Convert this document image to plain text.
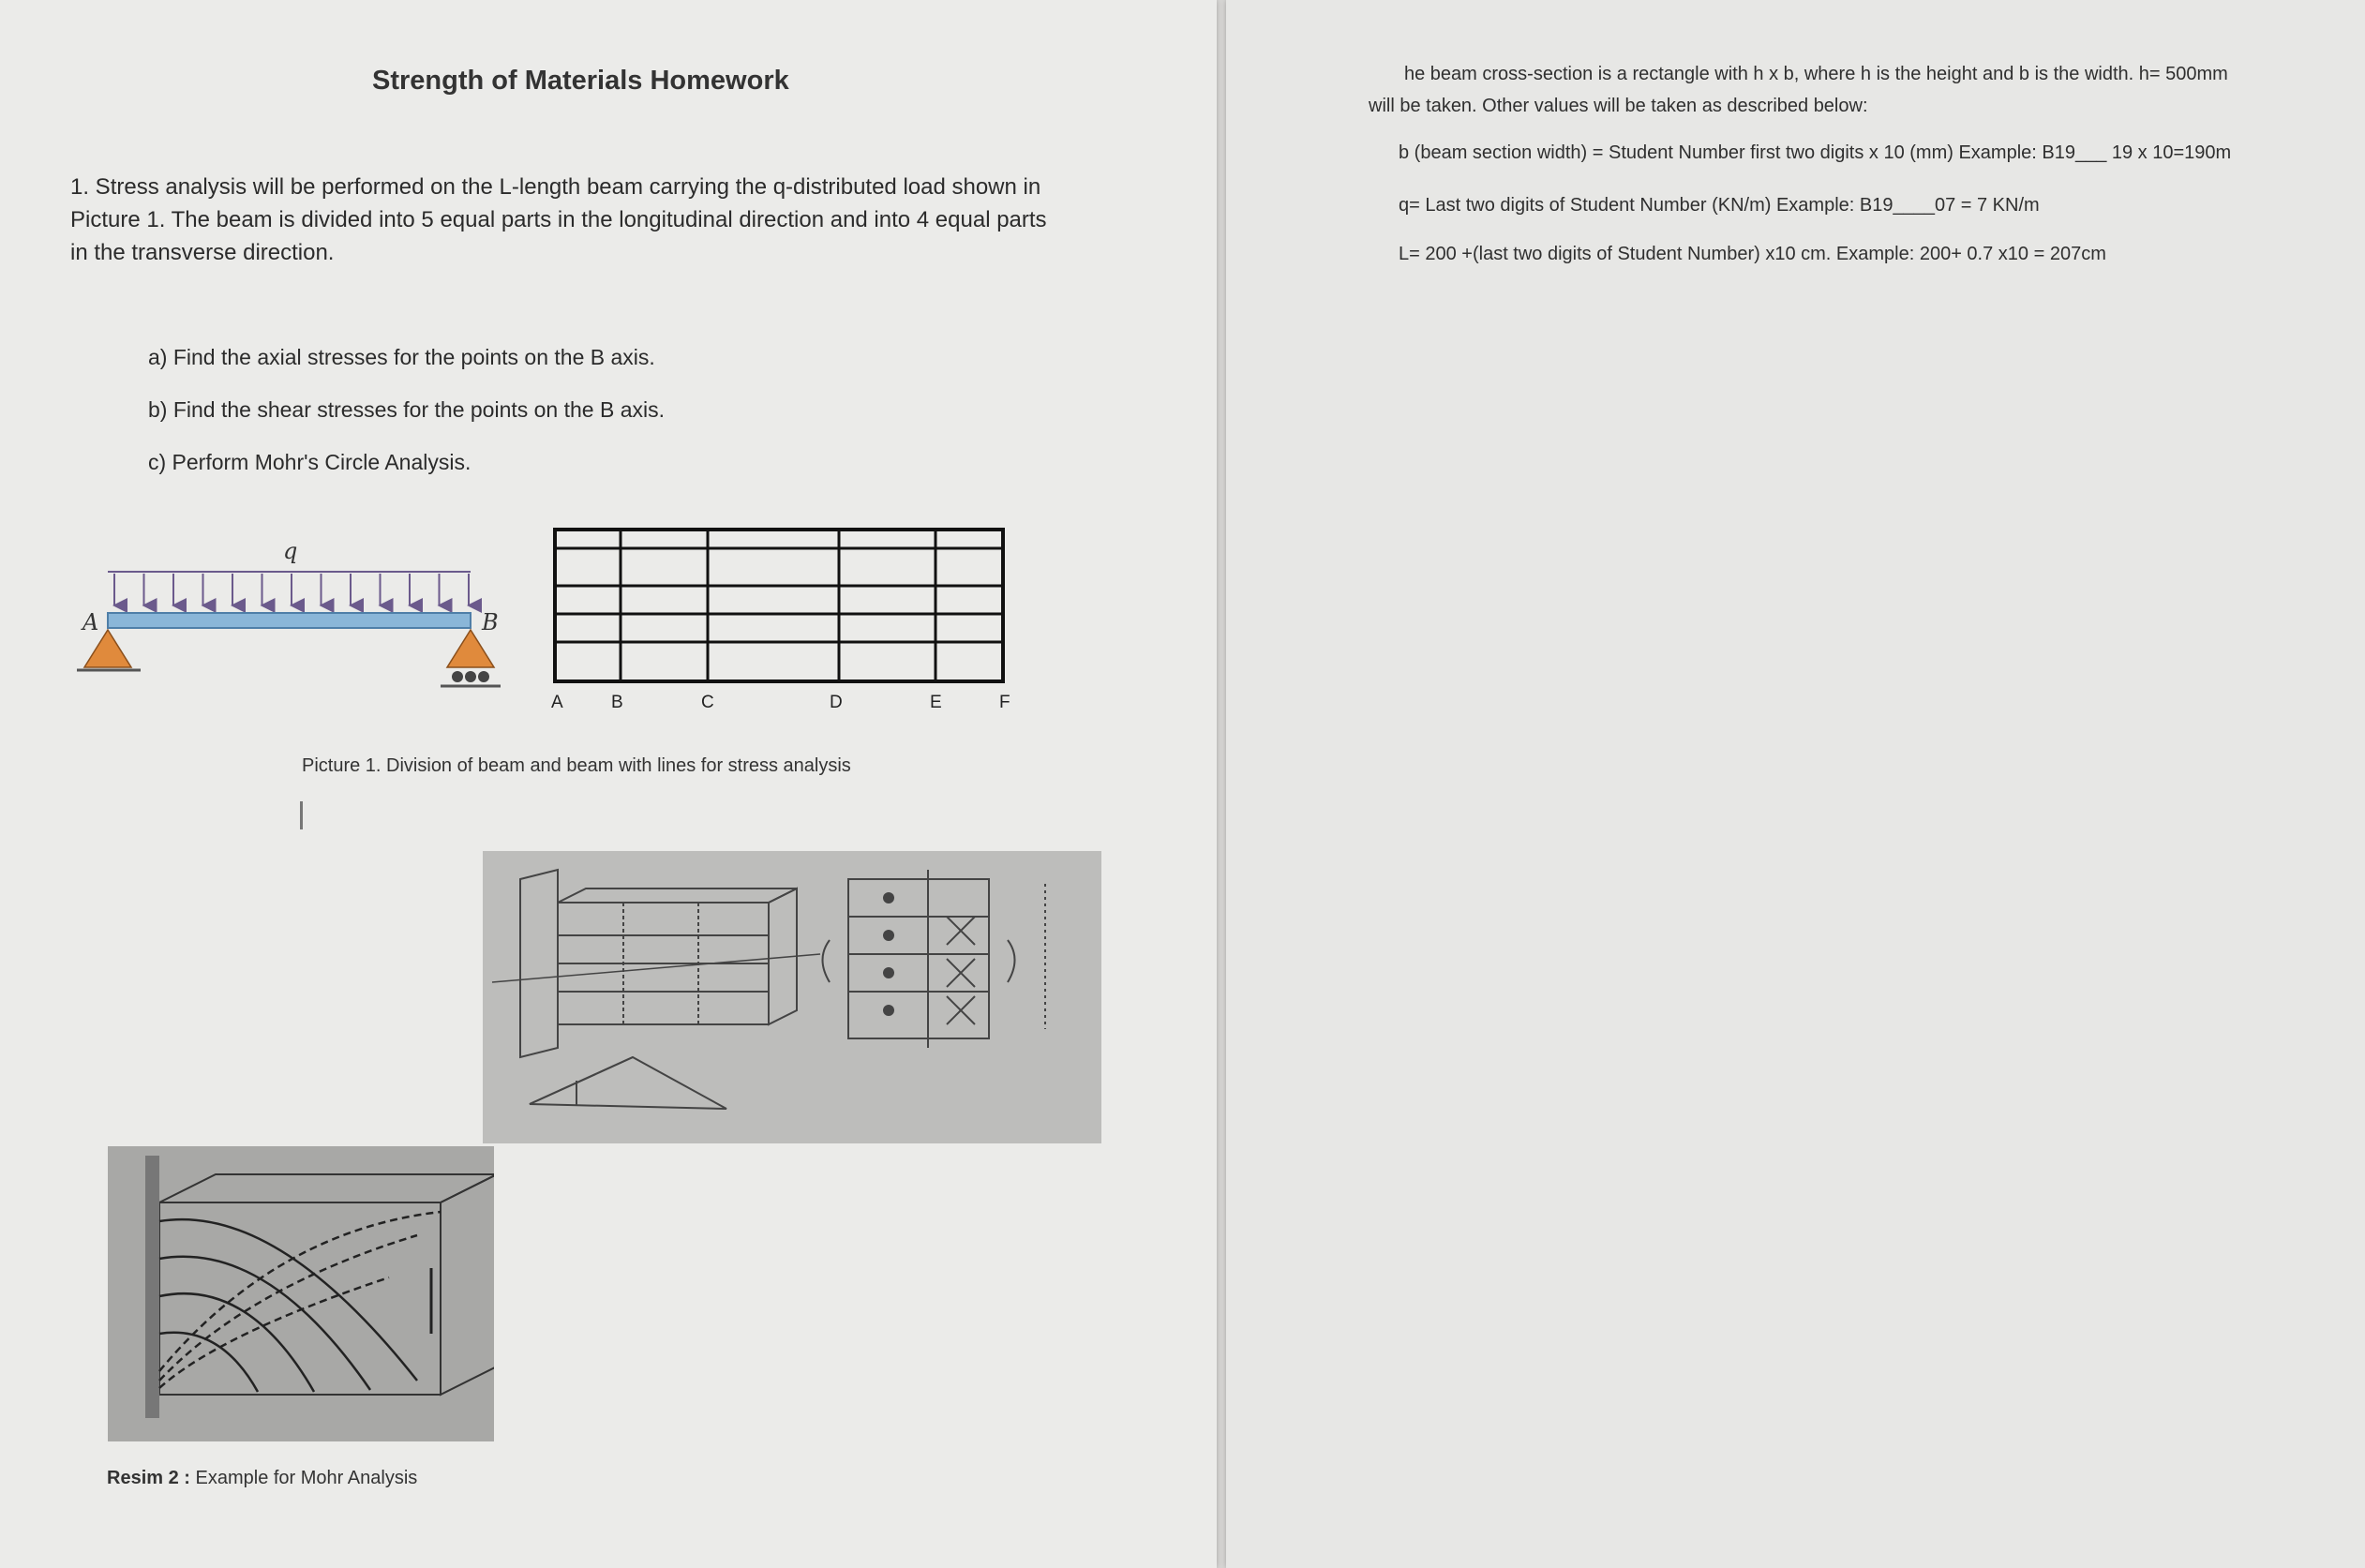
Strength of Materials Homework
1. Stress analysis will be performed on the L-length beam carrying the q-distributed load shown in Picture 1. The beam is divided into 5 equal parts in the longitudinal direction and into 4 equal parts in the transverse direction.
a) Find the axial stresses for the points on the B axis.
b) Find the shear stresses for the points on the B axis.
c) Perform Mohr's Circle Analysis.
q
A	B
A	B	C	D	E	F
Picture 1. Division of beam and beam with lines for stress analysis
Resim 2 : Example for Mohr Analysis
he beam cross-section is a rectangle with h x b, where h is the height and b is the width. h= 500mm
will be taken. Other values will be taken as described below:
b (beam section width) = Student Number first two digits x 10 (mm) Example: B19___ 19 x 10=190m
q= Last two digits of Student Number (KN/m) Example: B19____07 = 7 KN/m
L= 200 +(last two digits of Student Number) x10 cm. Example: 200+ 0.7 x10 = 207cm
